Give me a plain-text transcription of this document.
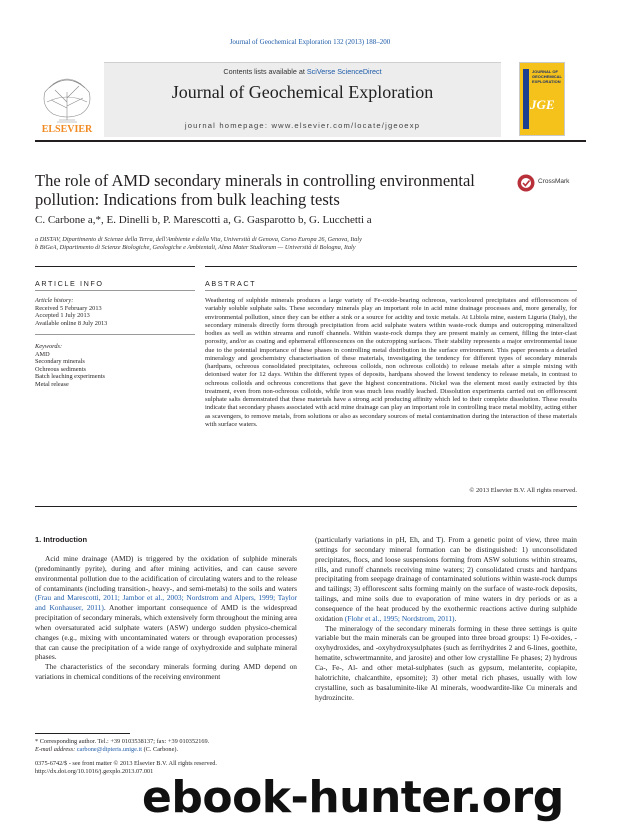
Journal of Geochemical Exploration 132 (2013) 188–200
ELSEVIER
Contents lists available at SciVerse ScienceDirect
Journal of Geochemical Exploration
journal homepage: www.elsevier.com/locate/jgeoexp
JOURNAL OF GEOCHEMICAL EXPLORATION
JGE
The role of AMD secondary minerals in controlling environmental
pollution: Indications from bulk leaching tests
CrossMark
C. Carbone a,*, E. Dinelli b, P. Marescotti a, G. Gasparotto b, G. Lucchetti a
a DISTAV, Dipartimento di Scienze della Terra, dell'Ambiente e della Vita, Università di Genova, Corso Europa 26, Genova, Italy
b BiGeA, Dipartimento di Scienze Biologiche, Geologiche e Ambientali, Alma Mater Studiorum — Università di Bologna, Italy
ARTICLE INFO	ABSTRACT
Article history:
Received 5 February 2013
Accepted 1 July 2013
Available online 8 July 2013
Keywords:
AMD
Secondary minerals
Ochreous sediments
Batch leaching experiments
Metal release
Weathering of sulphide minerals produces a large variety of Fe-oxide-bearing ochreous, varicoloured precipitates and efflorescences of variably soluble sulphate salts. These secondary minerals play an important role in acid mine drainage processes and, more generally, for environmental pollution, since they can be either a sink or a source for acidity and toxic metals. At Libiola mine, eastern Liguria (Italy), the secondary minerals directly form through precipitation from acid sulphate waters within waste-rock dumps and outcropping mineralized bodies as well as within streams and runoff channels. Within waste-rock dumps they are present mainly as cement, filling the inter-clast porosity, and/or as coating and ephemeral efflorescences on the outcropping surfaces. Their stability represents a major environmental issue due to the potential importance of these phases in controlling metal distribution in the surface environment. This paper presents a detailed mineralogy and geochemistry characterisation of these materials, investigating the tendency for different types of secondary minerals (hardpans, ochreous consolidated precipitates, ochreous colloids, non ochreous colloids) to release metals after a simple mixing with deionised water for 12 days. Within the different types of deposits, hardpans showed the lowest tendency to release metals, in contrast to ochreous colloids and ochreous concretions that gave the highest concentrations. Nickel was the element most easily extracted by this treatment, even from non-ochreous colloids, while iron was much less readily leached. Dissolution experiments carried out on efflorescent sulphate salts demonstrated that these materials have a strong acid producing affinity which led to their complete dissolution. These results indicate that secondary phases associated with acid mine drainage can play an important role in controlling trace metal mobility, acting either as scavengers, to remove metals, from solutions or also as secondary sources of metal contamination during the interaction of these materials with surface waters.
© 2013 Elsevier B.V. All rights reserved.
1. Introduction

Acid mine drainage (AMD) is triggered by the oxidation of sulphide minerals (predominantly pyrite), during and after mining activities, and can cause severe environmental pollution due to the acidification of circulating waters and to the release of contaminants (including transition-, heavy-, and semi-metals) to the soils and waters (Frau and Marescotti, 2011; Jambor et al., 2003; Nordstrom and Alpers, 1999; Taylor and Konhauser, 2011). Another important consequence of AMD is the widespread precipitation of secondary minerals, which extensively form throughout the mining area when oversaturated acid sulphate waters (ASW) undergo sudden physico-chemical changes (e.g., mixing with uncontaminated waters or through evaporation processes) that can cause the precipitation of a wide range of oxyhydroxide and sulphate mineral phases.

The characteristics of the secondary minerals forming during AMD depend on variations in chemical conditions of the receiving environment

(particularly variations in pH, Eh, and T). From a genetic point of view, three main settings for secondary mineral formation can be distinguished: 1) unconsolidated precipitates, flocs, and loose suspensions forming from ASW solutions within streams, rills, and runoff channels receiving mine waters; 2) consolidated crusts and hardpans precipitating from seepage drainage of contaminated solutions within waste-rock dumps and tailings; 3) efflorescent salts forming mainly on the surface of waste-rock deposits, tailings, and mine soils due to evaporation of mine waters in dry periods or as a consequence of the heat produced by the exothermic reactions active during sulphide oxidation (Flohr et al., 1995; Nordstrom, 2011).

The mineralogy of the secondary minerals forming in these three settings is quite variable but the main minerals can be grouped into three broad groups: 1) Fe-oxides, -oxyhydroxides, and -oxyhydroxysulphates (such as ferrihydrites 2 and 6-lines, goethite, hematite, schwertmannite, and jarosite) and other low crystalline Fe phases; 2) hydrous Ca-, Fe-, Al- and other metal-sulphates (such as gypsum, melanterite, copiapite, halotrichite, chalcanthite, epsomite); 3) other metal rich phases, usually with low crystalline, such as basaluminite-like Al minerals, woodwardite-like Cu minerals and hydrozincite.

* Corresponding author. Tel.: +39 0103538137; fax: +39 010352169.
E-mail address: carbone@dipteris.unige.it (C. Carbone).
0375-6742/$ - see front matter © 2013 Elsevier B.V. All rights reserved.
http://dx.doi.org/10.1016/j.gexplo.2013.07.001
ebook-hunter.org
